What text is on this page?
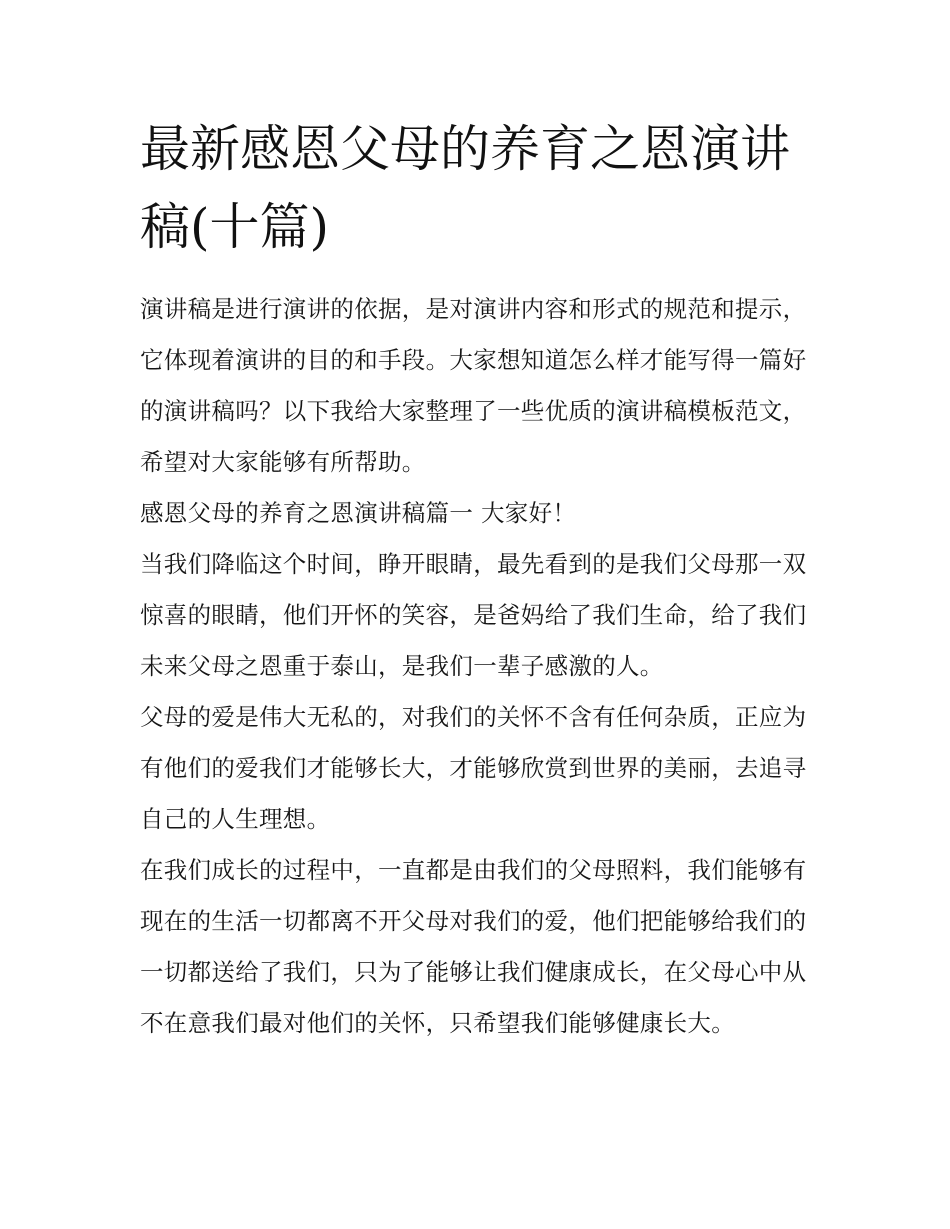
最新感恩父母的养育之恩演讲稿(十篇)

演讲稿是进行演讲的依据，是对演讲内容和形式的规范和提示，它体现着演讲的目的和手段。大家想知道怎么样才能写得一篇好的演讲稿吗？以下我给大家整理了一些优质的演讲稿模板范文，希望对大家能够有所帮助。

感恩父母的养育之恩演讲稿篇一 大家好！

当我们降临这个时间，睁开眼睛，最先看到的是我们父母那一双惊喜的眼睛，他们开怀的笑容，是爸妈给了我们生命，给了我们未来父母之恩重于泰山，是我们一辈子感激的人。

父母的爱是伟大无私的，对我们的关怀不含有任何杂质，正应为有他们的爱我们才能够长大，才能够欣赏到世界的美丽，去追寻自己的人生理想。

在我们成长的过程中，一直都是由我们的父母照料，我们能够有现在的生活一切都离不开父母对我们的爱，他们把能够给我们的一切都送给了我们，只为了能够让我们健康成长，在父母心中从不在意我们最对他们的关怀，只希望我们能够健康长大。
